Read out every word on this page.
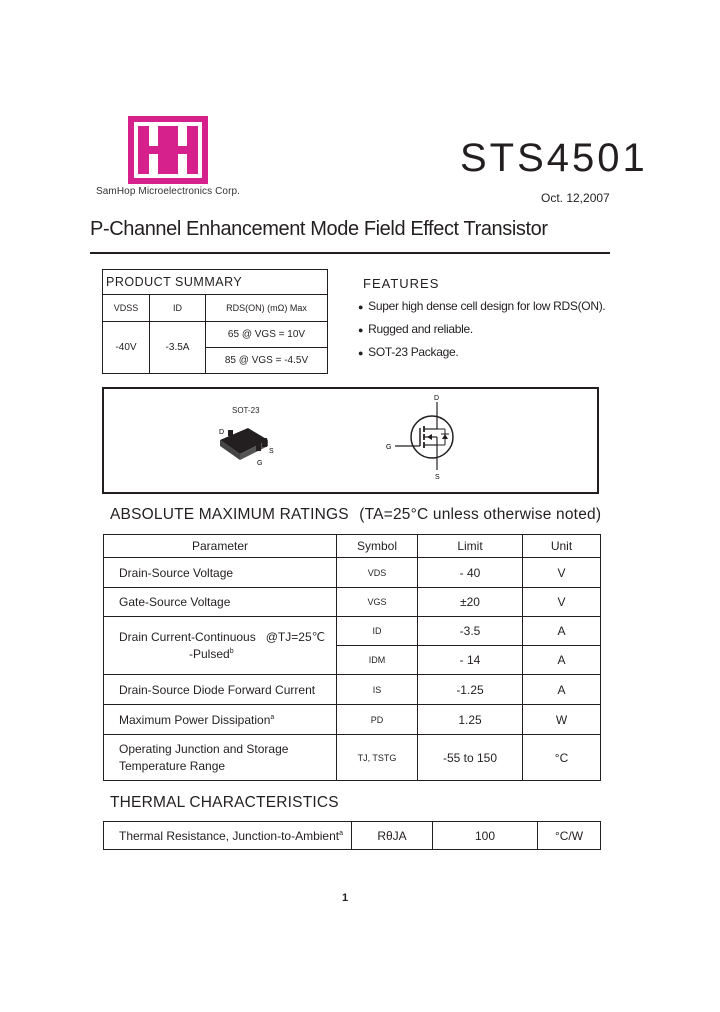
SamHop Microelectronics Corp.
STS4501
Oct. 12,2007
P-Channel Enhancement Mode Field Effect Transistor
PRODUCT SUMMARY		
VDSS	ID	RDS(ON) (mΩ) Max
-40V	-3.5A	65 @ VGS = 10V
		85 @ VGS = -4.5V
FEATURES
● Super high dense cell design for low RDS(ON).
● Rugged and reliable.
● SOT-23 Package.
SOT-23
D
S
G
D
G
S
ABSOLUTE MAXIMUM RATINGS (TA=25°C unless otherwise noted)
Parameter	Symbol	Limit	Unit
Drain-Source Voltage	VDS	- 40	V
Gate-Source Voltage	VGS	±20	V

Drain Current-Continuous @TJ=25℃
-Pulsed$^b$	ID	-3.5	A
	IDM	- 14	A
Drain-Source Diode Forward Current	IS	-1.25	A
Maximum Power Dissipation$^a$	PD	1.25	W

Operating Junction and Storage
Temperature Range	TJ, TSTG	-55 to 150	°C
THERMAL CHARACTERISTICS
Thermal Resistance, Junction-to-Ambient$^a$	RθJA	100	°C/W
1
